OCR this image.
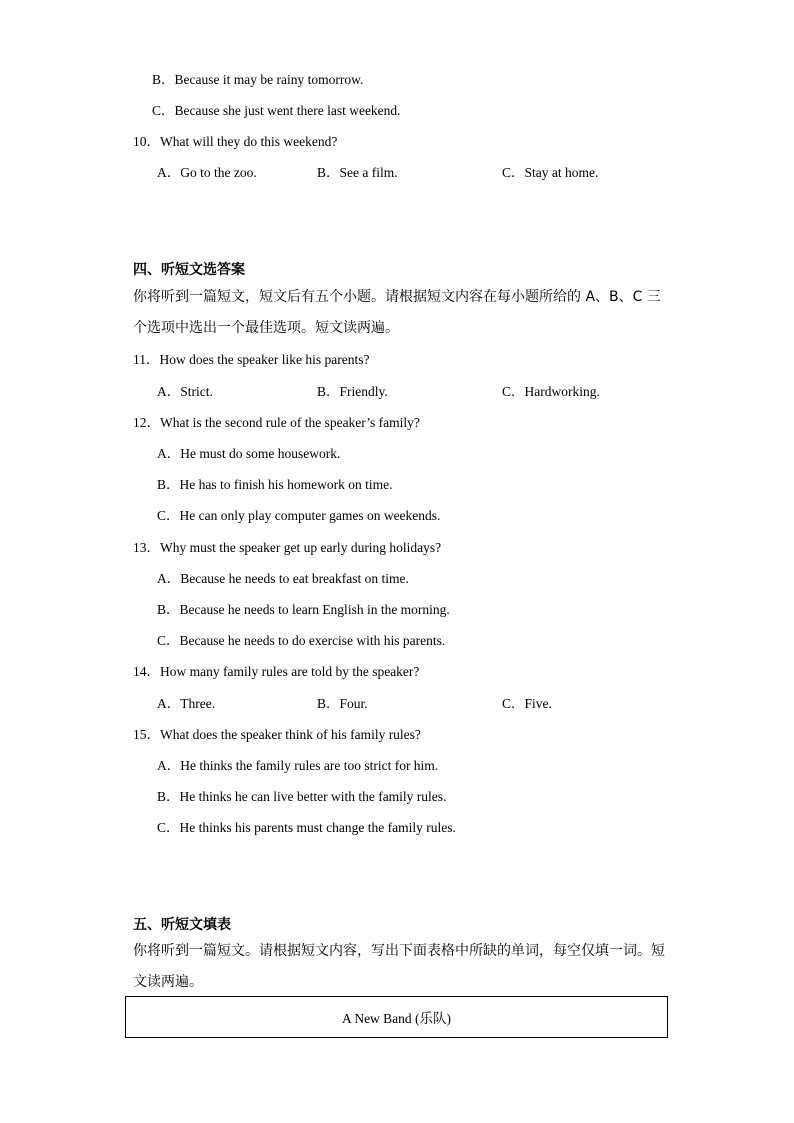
B．Because it may be rainy tomorrow.
C．Because she just went there last weekend.
10．What will they do this weekend?
A．Go to the zoo.	B．See a film.	C．Stay at home.
四、听短文选答案
你将听到一篇短文，短文后有五个小题。请根据短文内容在每小题所给的 A、B、C 三
个选项中选出一个最佳选项。短文读两遍。
11．How does the speaker like his parents?
A．Strict.	B．Friendly.	C．Hardworking.
12．What is the second rule of the speaker’s family?
A．He must do some housework.
B．He has to finish his homework on time.
C．He can only play computer games on weekends.
13．Why must the speaker get up early during holidays?
A．Because he needs to eat breakfast on time.
B．Because he needs to learn English in the morning.
C．Because he needs to do exercise with his parents.
14．How many family rules are told by the speaker?
A．Three.	B．Four.	C．Five.
15．What does the speaker think of his family rules?
A．He thinks the family rules are too strict for him.
B．He thinks he can live better with the family rules.
C．He thinks his parents must change the family rules.
五、听短文填表
你将听到一篇短文。请根据短文内容，写出下面表格中所缺的单词，每空仅填一词。短
文读两遍。
A New Band (乐队)
